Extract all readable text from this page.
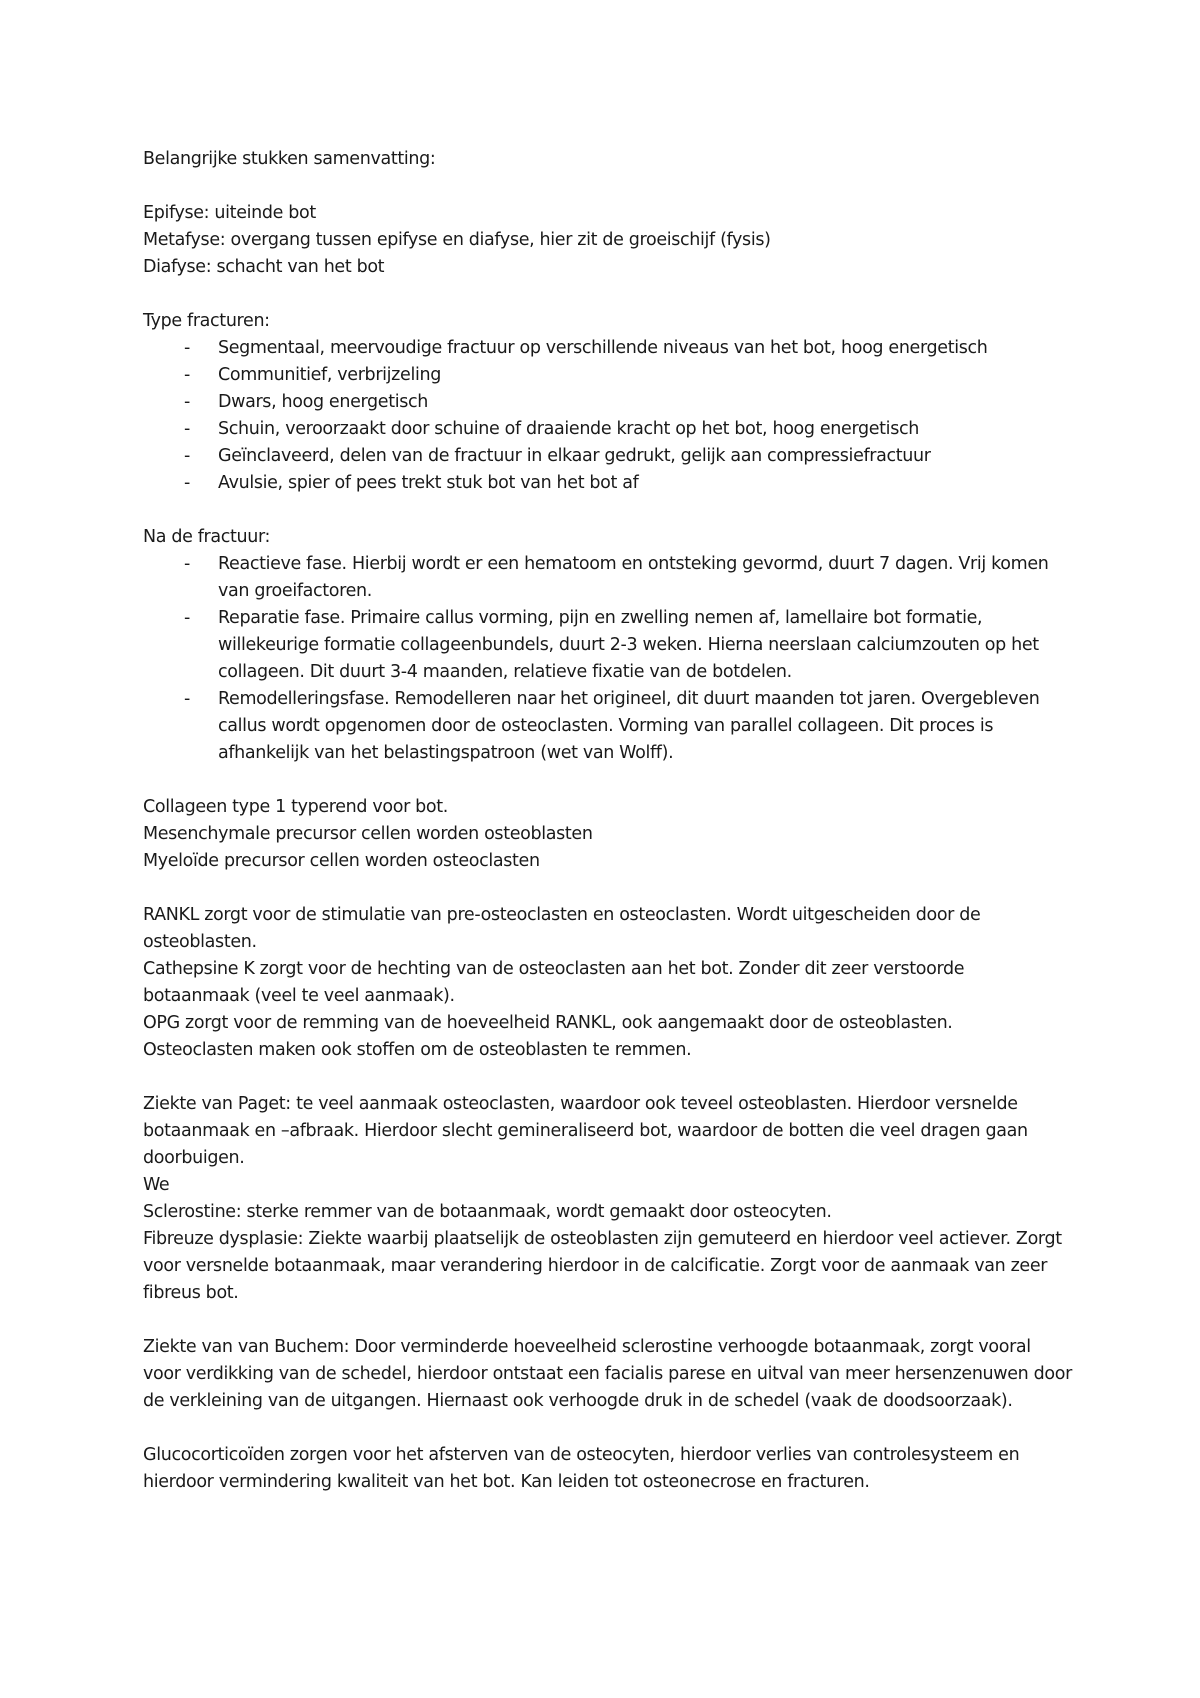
Belangrijke stukken samenvatting:

Epifyse: uiteinde bot

Metafyse: overgang tussen epifyse en diafyse, hier zit de groeischijf (fysis)

Diafyse: schacht van het bot

Type fracturen:

- Segmentaal, meervoudige fractuur op verschillende niveaus van het bot, hoog energetisch
- Communitief, verbrijzeling
- Dwars, hoog energetisch
- Schuin, veroorzaakt door schuine of draaiende kracht op het bot, hoog energetisch
- Geïnclaveerd, delen van de fractuur in elkaar gedrukt, gelijk aan compressiefractuur
- Avulsie, spier of pees trekt stuk bot van het bot af

Na de fractuur:

- Reactieve fase. Hierbij wordt er een hematoom en ontsteking gevormd, duurt 7 dagen. Vrij komen van groeifactoren.
- Reparatie fase. Primaire callus vorming, pijn en zwelling nemen af, lamellaire bot formatie, willekeurige formatie collageenbundels, duurt 2-3 weken. Hierna neerslaan calciumzouten op het collageen. Dit duurt 3-4 maanden, relatieve fixatie van de botdelen.
- Remodelleringsfase. Remodelleren naar het origineel, dit duurt maanden tot jaren. Overgebleven callus wordt opgenomen door de osteoclasten. Vorming van parallel collageen. Dit proces is afhankelijk van het belastingspatroon (wet van Wolff).

Collageen type 1 typerend voor bot.

Mesenchymale precursor cellen worden osteoblasten

Myeloïde precursor cellen worden osteoclasten

RANKL zorgt voor de stimulatie van pre-osteoclasten en osteoclasten. Wordt uitgescheiden door de osteoblasten.

Cathepsine K zorgt voor de hechting van de osteoclasten aan het bot. Zonder dit zeer verstoorde botaanmaak (veel te veel aanmaak).

OPG zorgt voor de remming van de hoeveelheid RANKL, ook aangemaakt door de osteoblasten.

Osteoclasten maken ook stoffen om de osteoblasten te remmen.

Ziekte van Paget: te veel aanmaak osteoclasten, waardoor ook teveel osteoblasten. Hierdoor versnelde botaanmaak en –afbraak. Hierdoor slecht gemineraliseerd bot, waardoor de botten die veel dragen gaan doorbuigen.

We

Sclerostine: sterke remmer van de botaanmaak, wordt gemaakt door osteocyten.

Fibreuze dysplasie: Ziekte waarbij plaatselijk de osteoblasten zijn gemuteerd en hierdoor veel actiever. Zorgt voor versnelde botaanmaak, maar verandering hierdoor in de calcificatie. Zorgt voor de aanmaak van zeer fibreus bot.

Ziekte van van Buchem: Door verminderde hoeveelheid sclerostine verhoogde botaanmaak, zorgt vooral voor verdikking van de schedel, hierdoor ontstaat een facialis parese en uitval van meer hersenzenuwen door de verkleining van de uitgangen. Hiernaast ook verhoogde druk in de schedel (vaak de doodsoorzaak).

Glucocorticoïden zorgen voor het afsterven van de osteocyten, hierdoor verlies van controlesysteem en hierdoor vermindering kwaliteit van het bot. Kan leiden tot osteonecrose en fracturen.
